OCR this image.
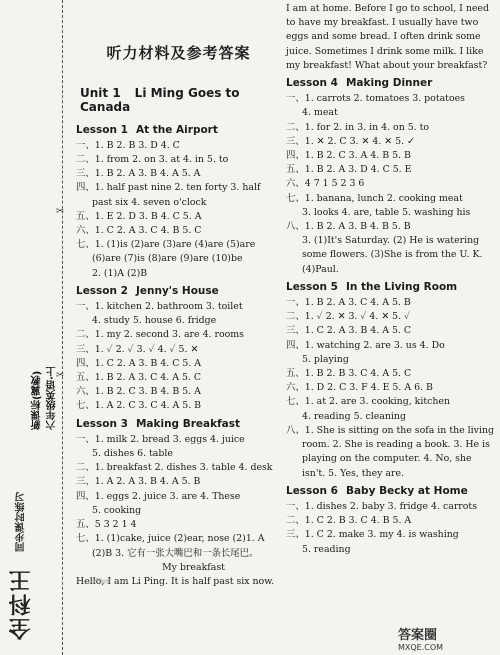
✂
✂
新课标(冀教) 六年级英语·上
全科王 同步课时练习
听力材料及参考答案
Unit 1 Li Ming Goes to Canada
Lesson 1 At the Airport
一、1. B 2. B 3. D 4. C
二、1. from 2. on 3. at 4. in 5. to
三、1. B 2. A 3. B 4. A 5. A
四、1. half past nine 2. ten forty 3. half
past six 4. seven o'clock
五、1. E 2. D 3. B 4. C 5. A
六、1. C 2. A 3. C 4. B 5. C
七、1. (1)is (2)are (3)are (4)are (5)are
(6)are (7)is (8)are (9)are (10)be
2. (1)A (2)B
Lesson 2 Jenny's House
一、1. kitchen 2. bathroom 3. toilet
4. study 5. house 6. fridge
二、1. my 2. second 3. are 4. rooms
三、1. ✓ 2. ✓ 3. ✓ 4. ✓ 5. ✕
四、1. C 2. A 3. B 4. C 5. A
五、1. B 2. A 3. C 4. A 5. C
六、1. B 2. C 3. B 4. B 5. A
七、1. A 2. C 3. C 4. A 5. B
Lesson 3 Making Breakfast
一、1. milk 2. bread 3. eggs 4. juice
5. dishes 6. table
二、1. breakfast 2. dishes 3. table 4. desk
三、1. A 2. A 3. B 4. A 5. B
四、1. eggs 2. juice 3. are 4. These
5. cooking
五、5 3 2 1 4
七、1. (1)cake, juice (2)ear, nose (2)1. A
(2)B 3. 它有一张大嘴巴和一条长尾巴。
My breakfast
Hello, I am Li Ping. It is half past six now.
I am at home. Before I go to school, I need to have my breakfast. I usually have two eggs and some bread. I often drink some juice. Sometimes I drink some milk. I like my breakfast! What about your breakfast?
Lesson 4 Making Dinner
一、1. carrots 2. tomatoes 3. potatoes
4. meat
二、1. for 2. in 3. in 4. on 5. to
三、1. ✕ 2. C 3. ✕ 4. ✕ 5. ✓
四、1. B 2. C 3. A 4. B 5. B
五、1. B 2. A 3. D 4. C 5. E
六、4 7 1 5 2 3 6
七、1. banana, lunch 2. cooking meat
3. looks 4. are, table 5. washing his
八、1. B 2. A 3. B 4. B 5. B
3. (1)It's Saturday. (2) He is watering
some flowers. (3)She is from the U. K.
(4)Paul.
Lesson 5 In the Living Room
一、1. B 2. A 3. C 4. A 5. B
二、1. ✓ 2. ✕ 3. ✓ 4. ✕ 5. ✓
三、1. C 2. A 3. B 4. A 5. C
四、1. watching 2. are 3. us 4. Do
5. playing
五、1. B 2. B 3. C 4. A 5. C
六、1. D 2. C 3. F 4. E 5. A 6. B
七、1. at 2. are 3. cooking, kitchen
4. reading 5. cleaning
八、1. She is sitting on the sofa in the living
room. 2. She is reading a book. 3. He is
playing on the computer. 4. No, she
isn't. 5. Yes, they are.
Lesson 6 Baby Becky at Home
一、1. dishes 2. baby 3. fridge 4. carrots
二、1. C 2. B 3. C 4. B 5. A
三、1. C 2. make 3. my 4. is washing
5. reading
~
答案圈
MXQE.COM
